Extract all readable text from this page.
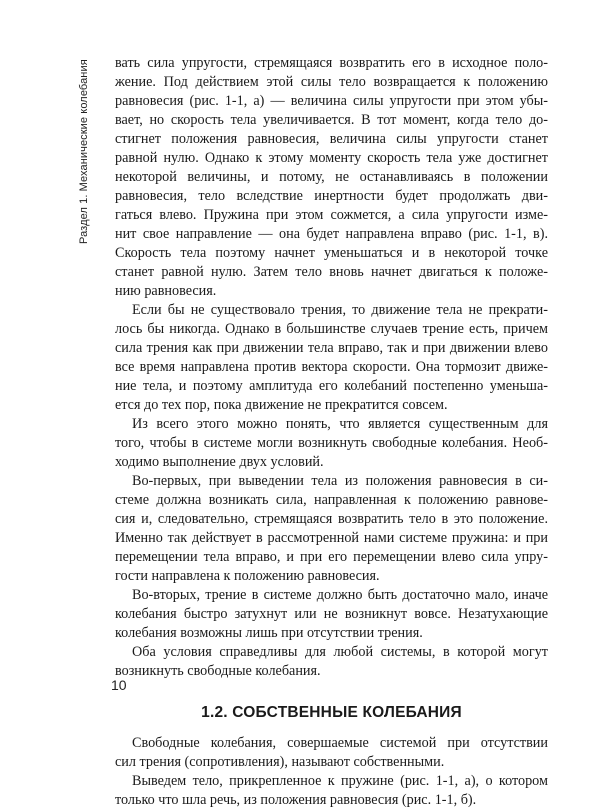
Раздел 1. Механические колебания вать сила упругости, стремящаяся возвратить его в исходное поло-
жение. Под действием этой силы тело возвращается к положению
равновесия (рис. 1-1, а) — величина силы упругости при этом убы-
вает, но скорость тела увеличивается. В тот момент, когда тело до-
стигнет положения равновесия, величина силы упругости станет
равной нулю. Однако к этому моменту скорость тела уже достигнет
некоторой величины, и потому, не останавливаясь в положении
равновесия, тело вследствие инертности будет продолжать дви-
гаться влево. Пружина при этом сожмется, а сила упругости изме-
нит свое направление — она будет направлена вправо (рис. 1-1, в).
Скорость тела поэтому начнет уменьшаться и в некоторой точке
станет равной нулю. Затем тело вновь начнет двигаться к положе-
нию равновесия.
Если бы не существовало трения, то движение тела не прекрати-
лось бы никогда. Однако в большинстве случаев трение есть, причем
сила трения как при движении тела вправо, так и при движении влево
все время направлена против вектора скорости. Она тормозит движе-
ние тела, и поэтому амплитуда его колебаний постепенно уменьша-
ется до тех пор, пока движение не прекратится совсем.
Из всего этого можно понять, что является существенным для
того, чтобы в системе могли возникнуть свободные колебания. Необ-
ходимо выполнение двух условий.
Во-первых, при выведении тела из положения равновесия в си-
стеме должна возникать сила, направленная к положению равнове-
сия и, следовательно, стремящаяся возвратить тело в это положение.
Именно так действует в рассмотренной нами системе пружина: и при
перемещении тела вправо, и при его перемещении влево сила упру-
гости направлена к положению равновесия.
Во-вторых, трение в системе должно быть достаточно мало, иначе
колебания быстро затухнут или не возникнут вовсе. Незатухающие
колебания возможны лишь при отсутствии трения.
Оба условия справедливы для любой системы, в которой могут
возникнуть свободные колебания.
1.2. СОБСТВЕННЫЕ КОЛЕБАНИЯ
Свободные колебания, совершаемые системой при отсутствии
сил трения (сопротивления), называют собственными.
Выведем тело, прикрепленное к пружине (рис. 1-1, а), о котором
только что шла речь, из положения равновесия (рис. 1-1, б).
10
